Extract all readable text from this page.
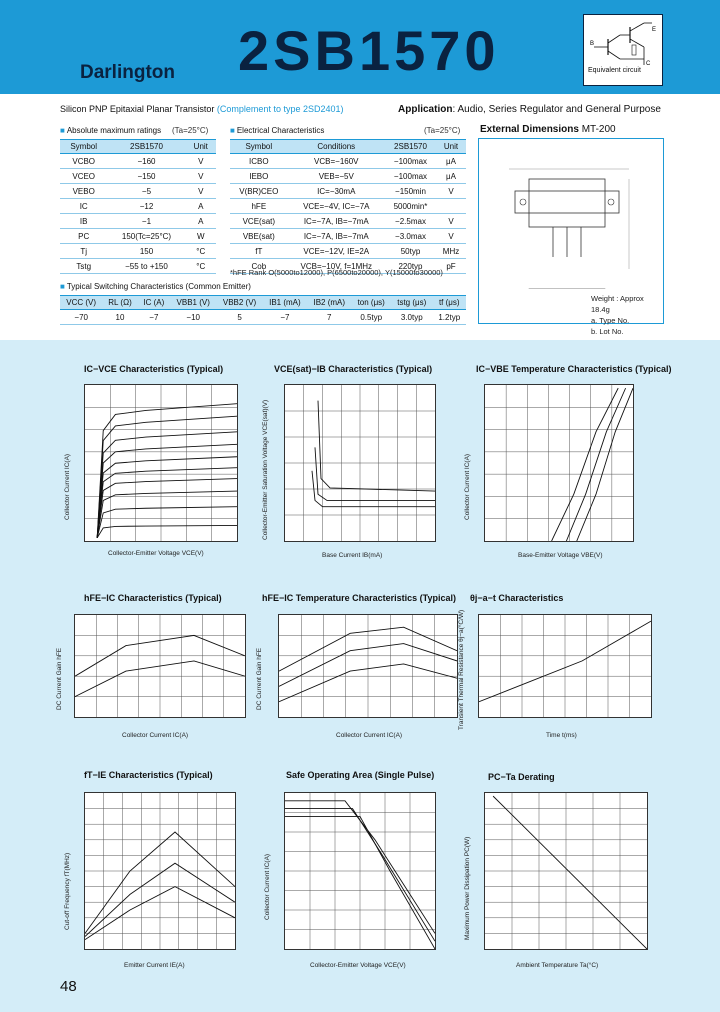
Darlington 2SB1570	B
E
C
Equivalent circuit
Silicon PNP Epitaxial Planar Transistor (Complement to type 2SD2401)	Application: Audio, Series Regulator and General Purpose
■ Absolute maximum ratings (Ta=25°C)
Symbol	2SB1570	Unit
VCBO	−160	V
VCEO	−150	V
VEBO	−5	V
IC	−12	A
IB	−1	A
PC	150(Tc=25°C)	W
Tj	150	°C
Tstg	−55 to +150	°C
■ Electrical Characteristics	(Ta=25°C)
Symbol	Conditions	2SB1570	Unit
ICBO	VCB=−160V	−100max	μA
IEBO	VEB=−5V	−100max	μA
V(BR)CEO	IC=−30mA	−150min	V
hFE	VCE=−4V, IC=−7A	5000min*	
VCE(sat)	IC=−7A, IB=−7mA	−2.5max	V
VBE(sat)	IC=−7A, IB=−7mA	−3.0max	V
fT	VCE=−12V, IE=2A	50typ	MHz
Cob	VCB=−10V, f=1MHz	220typ	pF
*hFE Rank O(5000to12000), P(6500to20000), Y(15000to30000)
■ Typical Switching Characteristics (Common Emitter)
VCC (V)	RL (Ω)	IC (A)	VBB1 (V)	VBB2 (V)	IB1 (mA)	IB2 (mA)	ton (μs)	tstg (μs)	tf (μs)
−70	10	−7	−10	5	−7	7	0.5typ	3.0typ	1.2typ
External Dimensions MT-200
Weight : Approx 18.4g
a. Type No.
b. Lot No.
IC−VCE Characteristics (Typical)	VCE(sat)−IB Characteristics (Typical)	IC−VBE Temperature Characteristics (Typical)
hFE−IC Characteristics (Typical)	hFE−IC Temperature Characteristics (Typical) θj−a−t Characteristics
fT−IE Characteristics (Typical)	Safe Operating Area (Single Pulse)	PC−Ta Derating
Collector-Emitter Voltage VCE(V)	Base Current IB(mA)	Base-Emitter Voltage VBE(V)
Collector Current IC(A)	Collector Current IC(A)	Time t(ms)
Emitter Current IE(A)	Collector-Emitter Voltage VCE(V)	Ambient Temperature Ta(°C)
Collector Current IC(A)	Collector-Emitter Saturation Voltage VCE(sat)(V)	Collector Current IC(A)
DC Current Gain hFE	DC Current Gain hFE	Transient Thermal Resistance θj−a(°C/W)
Cut-off Frequency fT(MHz)	Collector Current IC(A)	Maximum Power Dissipation PC(W)
48
